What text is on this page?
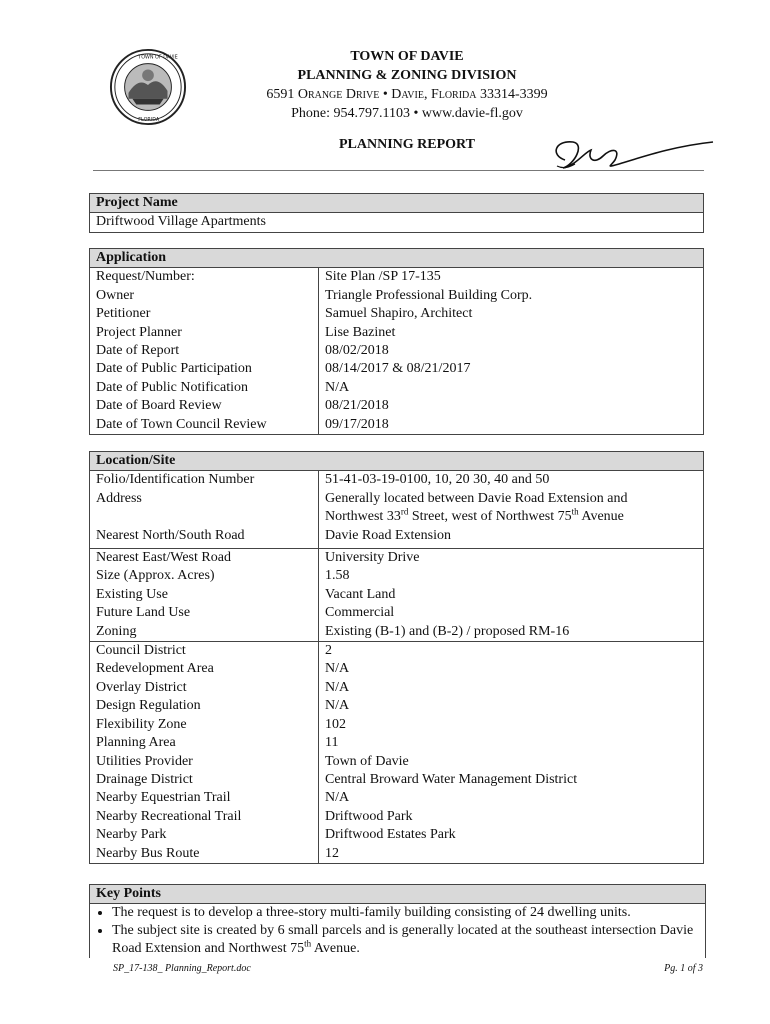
TOWN OF DAVIE
FLORIDA
TOWN OF DAVIE
PLANNING & ZONING DIVISION
6591 Orange Drive • Davie, Florida 33314-3399
Phone: 954.797.1103 • www.davie-fl.gov
PLANNING REPORT
Project Name
Driftwood Village Apartments
Application	
Request/Number:	Site Plan /SP 17-135
Owner	Triangle Professional Building Corp.
Petitioner	Samuel Shapiro, Architect
Project Planner	Lise Bazinet
Date of Report	08/02/2018
Date of Public Participation	08/14/2017 & 08/21/2017
Date of Public Notification	N/A
Date of Board Review	08/21/2018
Date of Town Council Review	09/17/2018
Location/Site	
Folio/Identification Number	51-41-03-19-0100, 10, 20 30, 40 and 50
Address	Generally located between Davie Road Extension and
Northwest 33rd Street, west of Northwest 75th Avenue

Nearest North/South Road	Davie Road Extension
Nearest East/West Road	University Drive
Size (Approx. Acres)	1.58
Existing Use	Vacant Land
Future Land Use	Commercial
Zoning	Existing (B-1) and (B-2) / proposed RM-16
Council District	2
Redevelopment Area	N/A
Overlay District	N/A
Design Regulation	N/A
Flexibility Zone	102
Planning Area	11
Utilities Provider	Town of Davie
Drainage District	Central Broward Water Management District
Nearby Equestrian Trail	N/A
Nearby Recreational Trail	Driftwood Park
Nearby Park	Driftwood Estates Park
Nearby Bus Route	12
Key Points
• The request is to develop a three-story multi-family building consisting of 24 dwelling units.
• The subject site is created by 6 small parcels and is generally located at the southeast intersection Davie Road Extension and Northwest 75th Avenue.
SP_17-138_ Planning_Report.doc	Pg. 1 of 3
